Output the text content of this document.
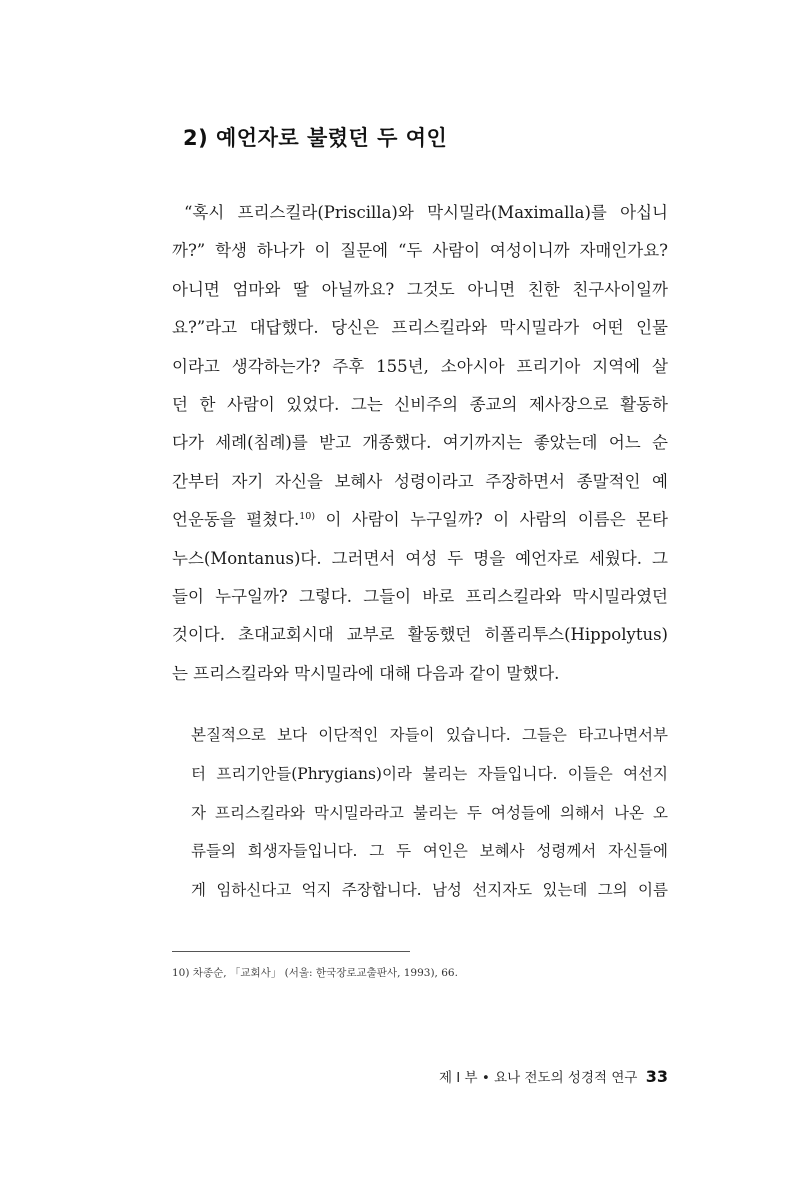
2) 예언자로 불렸던 두 여인
“혹시 프리스킬라(Priscilla)와 막시밀라(Maximalla)를 아십니
까?” 학생 하나가 이 질문에 “두 사람이 여성이니까 자매인가요?
아니면 엄마와 딸 아닐까요? 그것도 아니면 친한 친구사이일까
요?”라고 대답했다. 당신은 프리스킬라와 막시밀라가 어떤 인물
이라고 생각하는가? 주후 155년, 소아시아 프리기아 지역에 살
던 한 사람이 있었다. 그는 신비주의 종교의 제사장으로 활동하
다가 세례(침례)를 받고 개종했다. 여기까지는 좋았는데 어느 순
간부터 자기 자신을 보혜사 성령이라고 주장하면서 종말적인 예
언운동을 펼쳤다.$^{10)}$ 이 사람이 누구일까? 이 사람의 이름은 몬타
누스(Montanus)다. 그러면서 여성 두 명을 예언자로 세웠다. 그
들이 누구일까? 그렇다. 그들이 바로 프리스킬라와 막시밀라였던
것이다. 초대교회시대 교부로 활동했던 히폴리투스(Hippolytus)
는 프리스킬라와 막시밀라에 대해 다음과 같이 말했다.
본질적으로 보다 이단적인 자들이 있습니다. 그들은 타고나면서부
터 프리기안들(Phrygians)이라 불리는 자들입니다. 이들은 여선지
자 프리스킬라와 막시밀라라고 불리는 두 여성들에 의해서 나온 오
류들의 희생자들입니다. 그 두 여인은 보혜사 성령께서 자신들에
게 임하신다고 억지 주장합니다. 남성 선지자도 있는데 그의 이름

10) 차종순, 「교회사」 (서울: 한국장로교출판사, 1993), 66.

제 I 부 • 요나 전도의 성경적 연구 33
